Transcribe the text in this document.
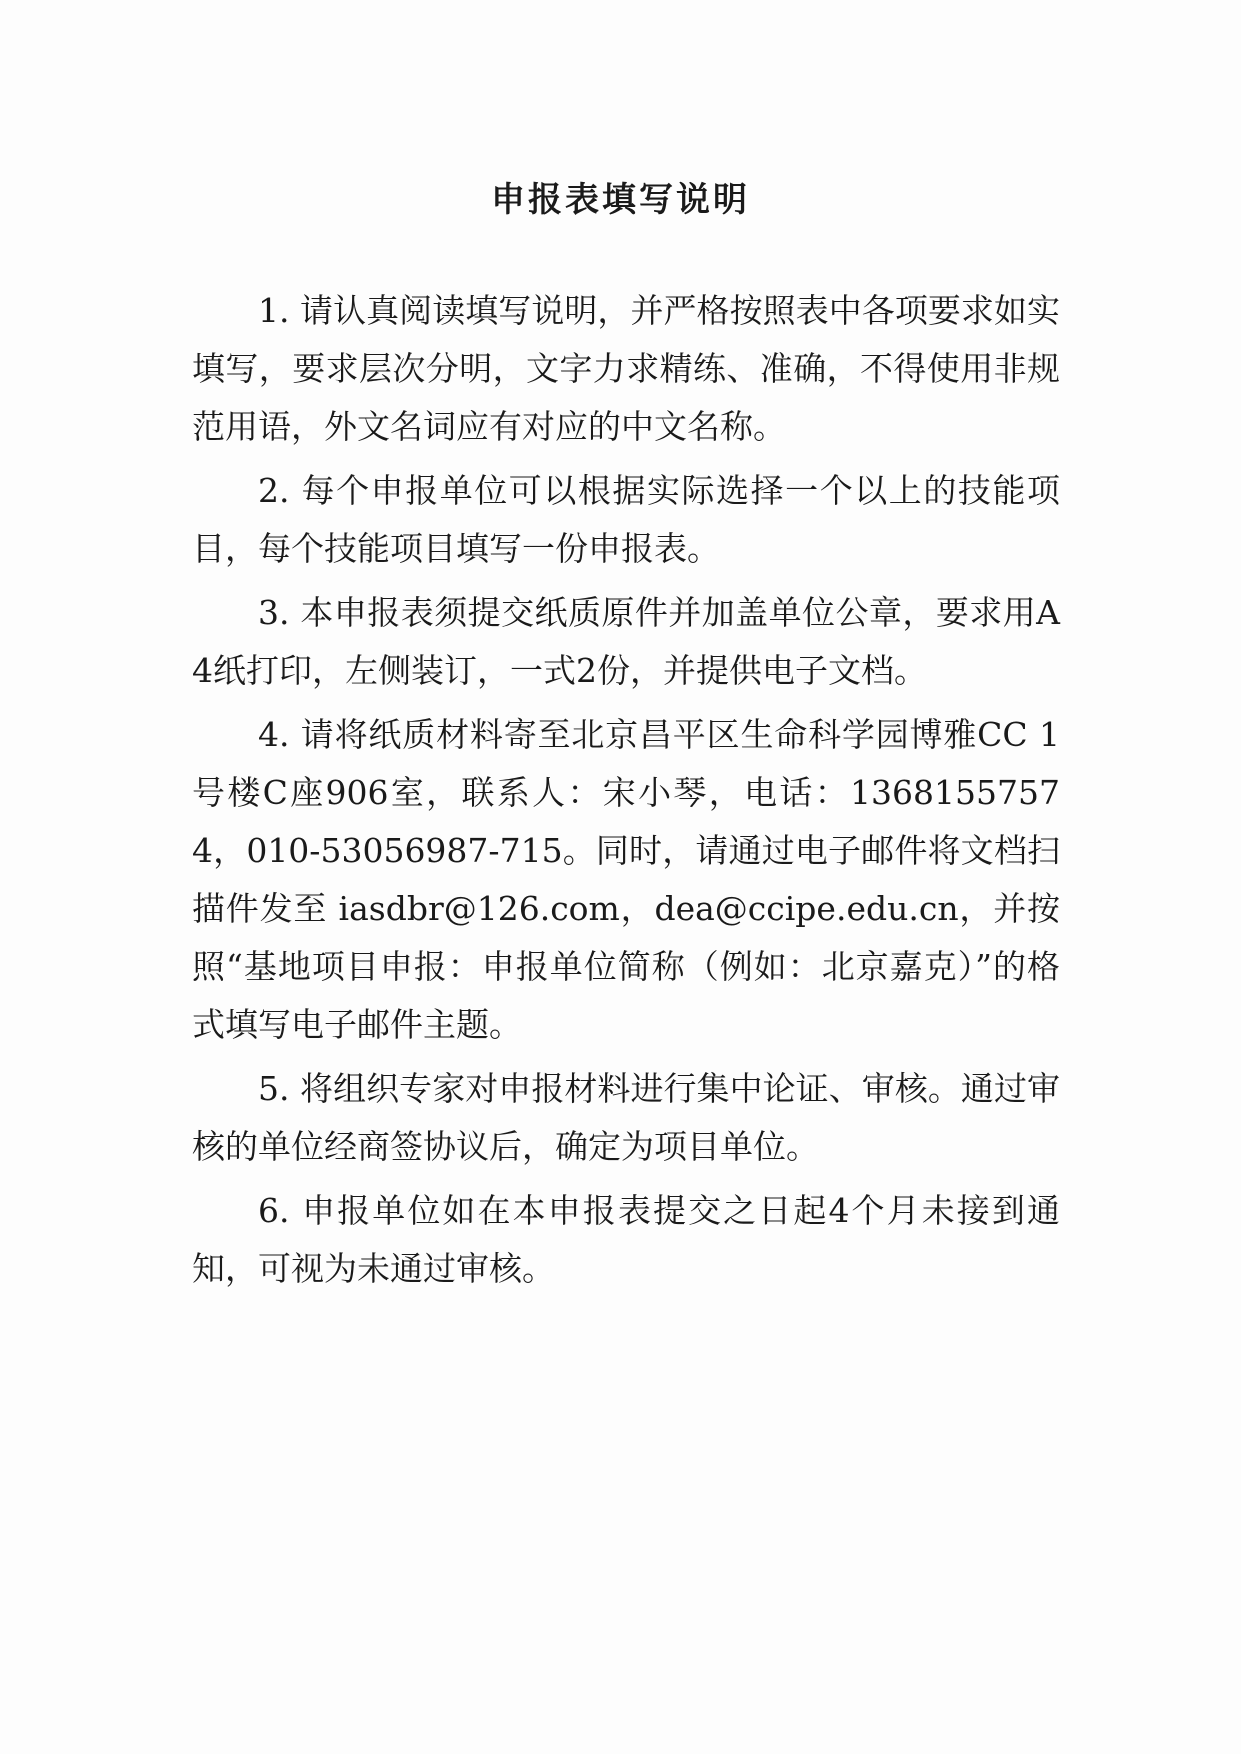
申报表填写说明

1. 请认真阅读填写说明，并严格按照表中各项要求如实填写，要求层次分明，文字力求精练、准确，不得使用非规范用语，外文名词应有对应的中文名称。

2. 每个申报单位可以根据实际选择一个以上的技能项目，每个技能项目填写一份申报表。

3. 本申报表须提交纸质原件并加盖单位公章，要求用A4纸打印，左侧装订，一式2份，并提供电子文档。

4. 请将纸质材料寄至北京昌平区生命科学园博雅CC 1号楼C座906室，联系人：宋小琴，电话：13681557574，010-53056987-715。同时，请通过电子邮件将文档扫描件发至 iasdbr@126.com，dea@ccipe.edu.cn，并按照“基地项目申报：申报单位简称（例如：北京嘉克）”的格式填写电子邮件主题。

5. 将组织专家对申报材料进行集中论证、审核。通过审核的单位经商签协议后，确定为项目单位。

6. 申报单位如在本申报表提交之日起4个月未接到通知，可视为未通过审核。
